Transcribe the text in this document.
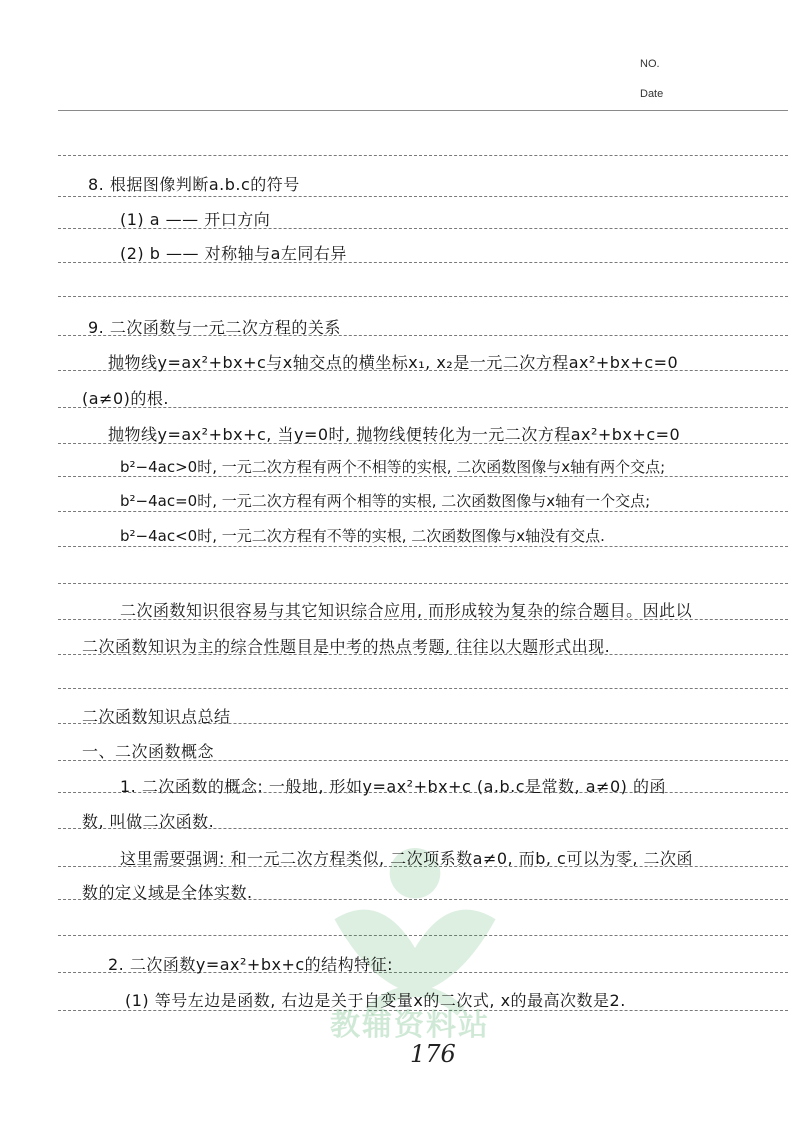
NO.
Date
教辅资料站
8. 根据图像判断a.b.c的符号
(1) a —— 开口方向
(2) b —— 对称轴与a左同右异
9. 二次函数与一元二次方程的关系
抛物线y=ax²+bx+c与x轴交点的横坐标x₁, x₂是一元二次方程ax²+bx+c=0
(a≠0)的根.
抛物线y=ax²+bx+c, 当y=0时, 抛物线便转化为一元二次方程ax²+bx+c=0
b²−4ac>0时, 一元二次方程有两个不相等的实根, 二次函数图像与x轴有两个交点;
b²−4ac=0时, 一元二次方程有两个相等的实根, 二次函数图像与x轴有一个交点;
b²−4ac<0时, 一元二次方程有不等的实根, 二次函数图像与x轴没有交点.
二次函数知识很容易与其它知识综合应用, 而形成较为复杂的综合题目。因此以
二次函数知识为主的综合性题目是中考的热点考题, 往往以大题形式出现.
二次函数知识点总结
一、二次函数概念
1. 二次函数的概念: 一般地, 形如y=ax²+bx+c (a.b.c是常数, a≠0) 的函
数, 叫做二次函数.
这里需要强调: 和一元二次方程类似, 二次项系数a≠0, 而b, c可以为零, 二次函
数的定义域是全体实数.
2. 二次函数y=ax²+bx+c的结构特征:
(1) 等号左边是函数, 右边是关于自变量x的二次式, x的最高次数是2.
176
